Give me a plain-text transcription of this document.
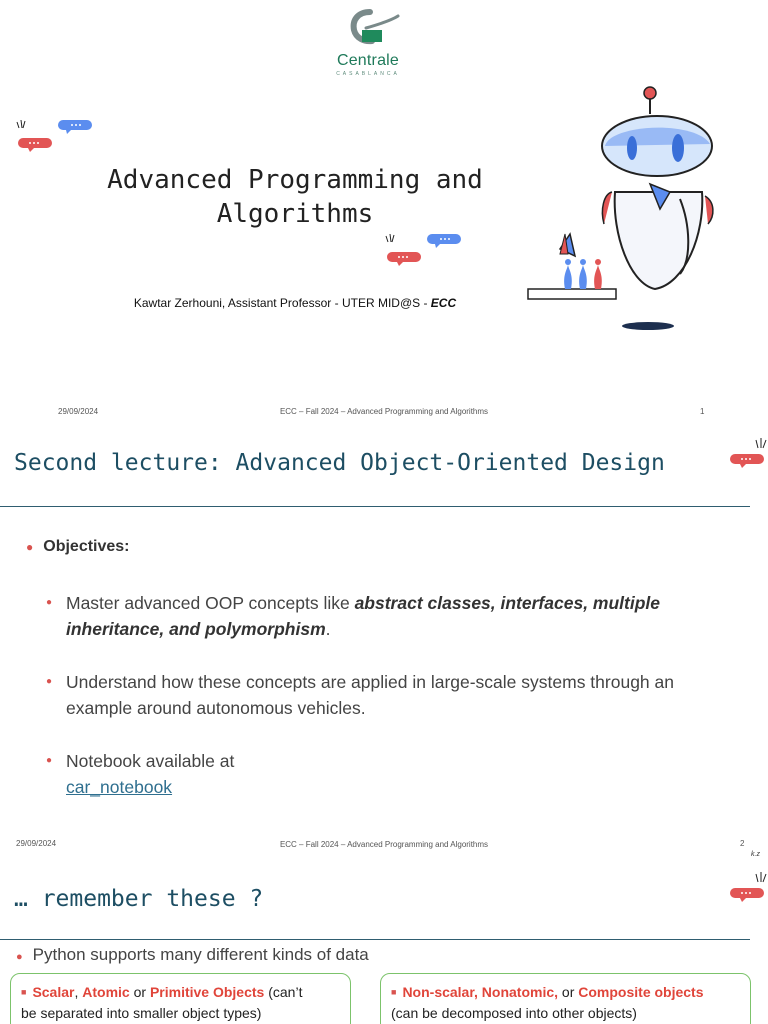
Centrale
CASABLANCA
Advanced Programming and Algorithms
Kawtar Zerhouni, Assistant Professor - UTER MID@S - ECC
29/09/2024	ECC – Fall 2024 – Advanced Programming and Algorithms	1
Second lecture: Advanced Object-Oriented Design
● Objectives:
● Master advanced OOP concepts like abstract classes, interfaces, multiple inheritance, and polymorphism.
● Understand how these concepts are applied in large-scale systems through an example around autonomous vehicles.
● Notebook available at
car_notebook
29/09/2024	ECC – Fall 2024 – Advanced Programming and Algorithms	2
k.z
… remember these ?
● Python supports many different kinds of data
■ Scalar, Atomic or Primitive Objects (can’t
be separated into smaller object types)
■ Non-scalar, Nonatomic, or Composite objects
(can be decomposed into other objects)
